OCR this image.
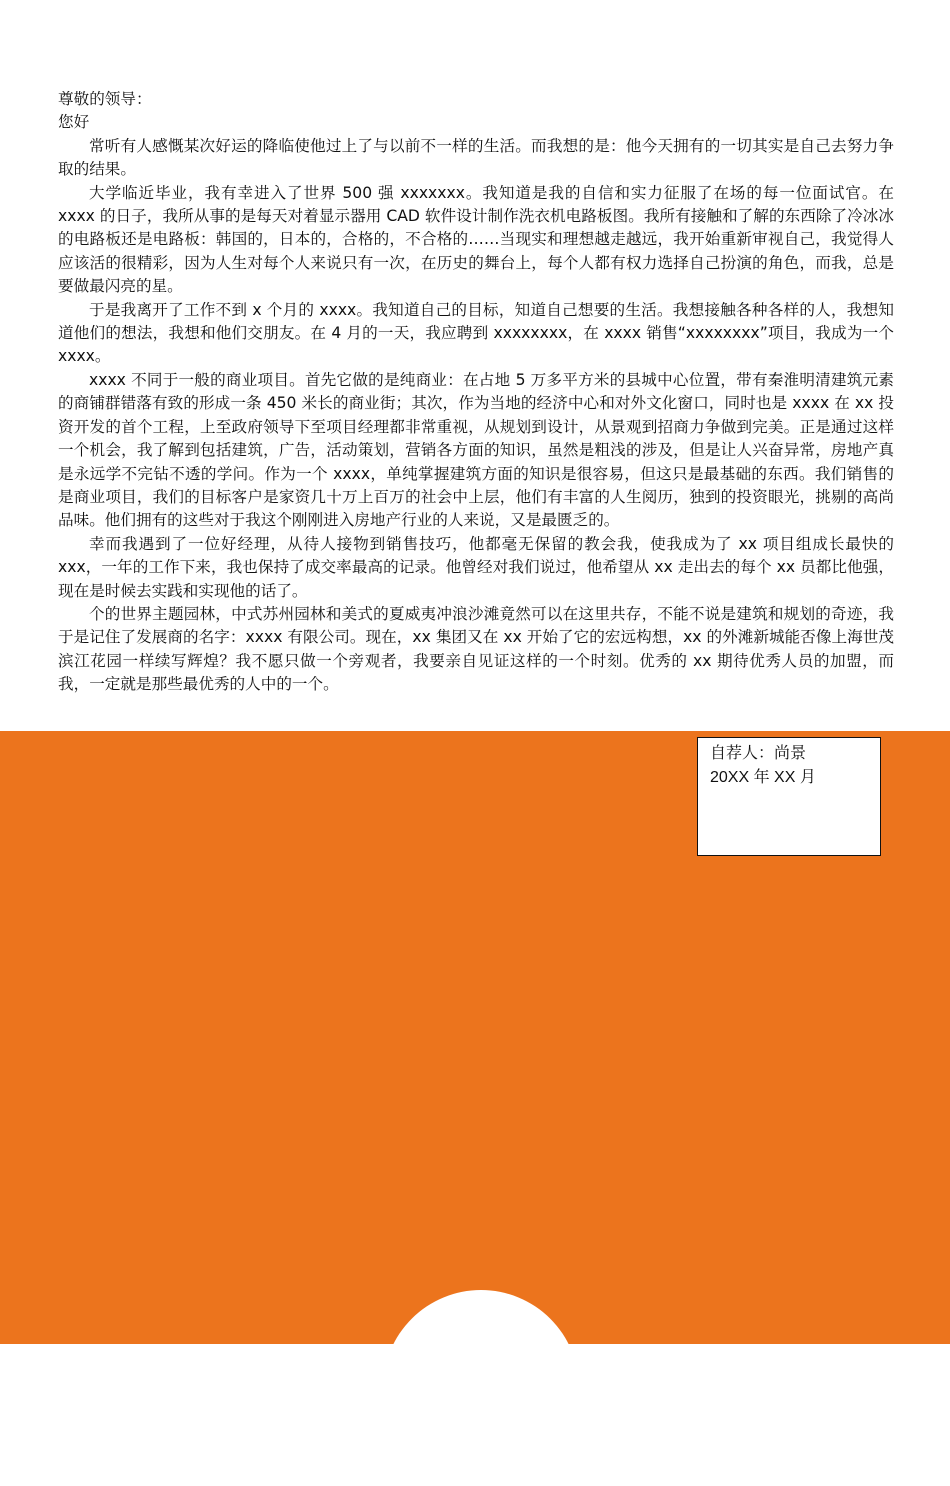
尊敬的领导：

您好

常听有人感慨某次好运的降临使他过上了与以前不一样的生活。而我想的是：他今天拥有的一切其实是自己去努力争取的结果。

大学临近毕业，我有幸进入了世界 500 强 xxxxxxx。我知道是我的自信和实力征服了在场的每一位面试官。在 xxxx 的日子，我所从事的是每天对着显示器用 CAD 软件设计制作洗衣机电路板图。我所有接触和了解的东西除了冷冰冰的电路板还是电路板：韩国的，日本的，合格的，不合格的……当现实和理想越走越远，我开始重新审视自己，我觉得人应该活的很精彩，因为人生对每个人来说只有一次，在历史的舞台上，每个人都有权力选择自己扮演的角色，而我，总是要做最闪亮的星。

于是我离开了工作不到 x 个月的 xxxx。我知道自己的目标，知道自己想要的生活。我想接触各种各样的人，我想知道他们的想法，我想和他们交朋友。在 4 月的一天，我应聘到 xxxxxxxx，在 xxxx 销售“xxxxxxxx”项目，我成为一个 xxxx。

xxxx 不同于一般的商业项目。首先它做的是纯商业：在占地 5 万多平方米的县城中心位置，带有秦淮明清建筑元素的商铺群错落有致的形成一条 450 米长的商业街；其次，作为当地的经济中心和对外文化窗口，同时也是 xxxx 在 xx 投资开发的首个工程，上至政府领导下至项目经理都非常重视，从规划到设计，从景观到招商力争做到完美。正是通过这样一个机会，我了解到包括建筑，广告，活动策划，营销各方面的知识，虽然是粗浅的涉及，但是让人兴奋异常，房地产真是永远学不完钻不透的学问。作为一个 xxxx，单纯掌握建筑方面的知识是很容易，但这只是最基础的东西。我们销售的是商业项目，我们的目标客户是家资几十万上百万的社会中上层，他们有丰富的人生阅历，独到的投资眼光，挑剔的高尚品味。他们拥有的这些对于我这个刚刚进入房地产行业的人来说，又是最匮乏的。

幸而我遇到了一位好经理，从待人接物到销售技巧，他都毫无保留的教会我，使我成为了 xx 项目组成长最快的 xxx，一年的工作下来，我也保持了成交率最高的记录。他曾经对我们说过，他希望从 xx 走出去的每个 xx 员都比他强，现在是时候去实践和实现他的话了。

个的世界主题园林，中式苏州园林和美式的夏威夷冲浪沙滩竟然可以在这里共存，不能不说是建筑和规划的奇迹，我于是记住了发展商的名字：xxxx 有限公司。现在，xx 集团又在 xx 开始了它的宏远构想，xx 的外滩新城能否像上海世茂滨江花园一样续写辉煌？我不愿只做一个旁观者，我要亲自见证这样的一个时刻。优秀的 xx 期待优秀人员的加盟，而我，一定就是那些最优秀的人中的一个。

自荐人：尚景
20XX 年 XX 月
